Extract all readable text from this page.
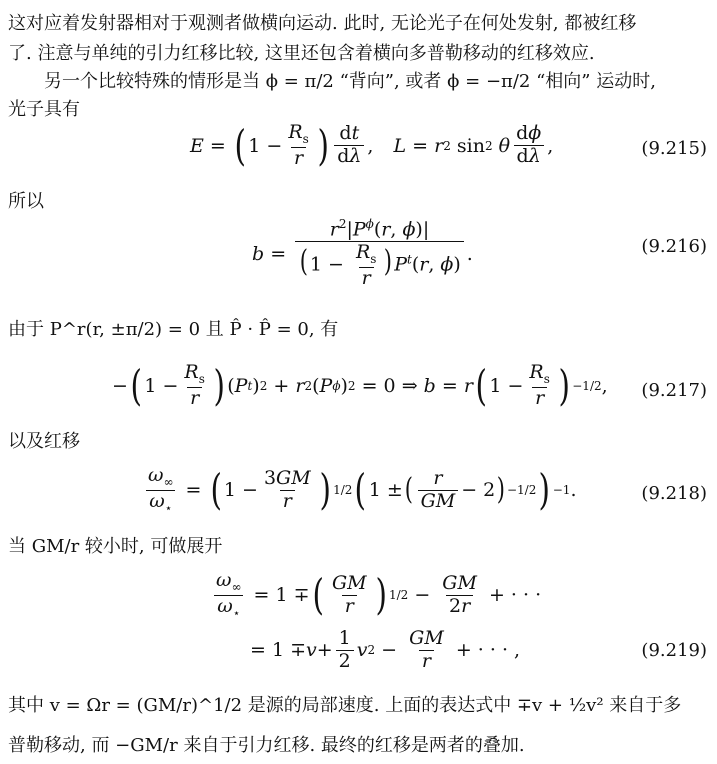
这对应着发射器相对于观测者做横向运动. 此时, 无论光子在何处发射, 都被红移
了. 注意与单纯的引力红移比较, 这里还包含着横向多普勒移动的红移效应.
另一个比较特殊的情形是当 ϕ = π/2 “背向”, 或者 ϕ = −π/2 “相向” 运动时,
光子具有
E = ( $1 - \frac{R_s}{r}$ ) $\frac{dt}{d\lambda}$ , L = r 2 sin 2
θ $\frac{d\phi}{d\lambda}$ ,	(9.215)
所以
$b = \frac{r^2|P^\phi(r, \phi)|}{(1 - \frac{R_s}{r} )P^t(r, \phi)}$ .	(9.216)
由于 P^r(r, ±π/2) = 0 且 P̂ · P̂ = 0, 有
− ( $1 - \frac{R_s}{r}$ ) ( P t ) 2 + r 2 ( P ϕ ) 2 = 0 ⇒ b = r ( $1 - \frac{R_s}{r}$ ) −1/2 , (9.217)
以及红移
$\frac{\omega_\infty}{\omega_⋆}$ = ( $1 - \frac{3GM}{r}$ ) 1/2 ( 1 ± ( $\frac{r}{GM} - 2$ ) −1/2 ) −1 .	(9.218)
当 GM/r 较小时, 可做展开
$\frac{\omega_\infty}{\omega_⋆} = 1$ ∓ ( $\frac{GM}{r}$ ) $1/2 - \frac{GM}{2r}$ + · · ·
= $1 \mp v + \frac{1}{2}$ v $2 - \frac{GM}{r}$ + · · · ,	(9.219)
其中 v = Ωr = (GM/r)^1/2 是源的局部速度. 上面的表达式中 ∓v + ½v² 来自于多
普勒移动, 而 −GM/r 来自于引力红移. 最终的红移是两者的叠加.
